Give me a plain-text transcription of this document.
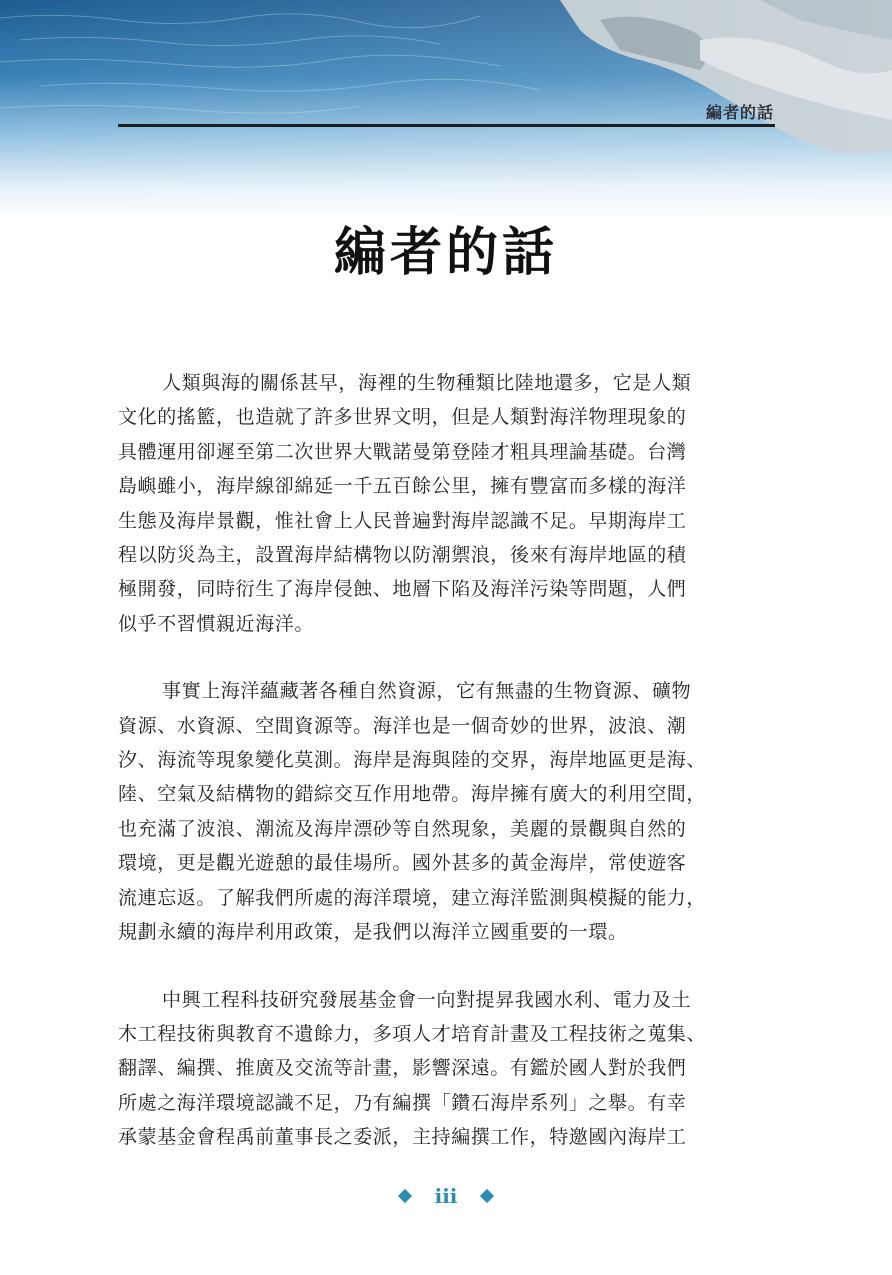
編者的話
編者的話

人類與海的關係甚早，海裡的生物種類比陸地還多，它是人類
文化的搖籃，也造就了許多世界文明，但是人類對海洋物理現象的
具體運用卻遲至第二次世界大戰諾曼第登陸才粗具理論基礎。台灣
島嶼雖小，海岸線卻綿延一千五百餘公里，擁有豐富而多樣的海洋
生態及海岸景觀，惟社會上人民普遍對海岸認識不足。早期海岸工
程以防災為主，設置海岸結構物以防潮禦浪，後來有海岸地區的積
極開發，同時衍生了海岸侵蝕、地層下陷及海洋污染等問題，人們
似乎不習慣親近海洋。

事實上海洋蘊藏著各種自然資源，它有無盡的生物資源、礦物
資源、水資源、空間資源等。海洋也是一個奇妙的世界，波浪、潮
汐、海流等現象變化莫測。海岸是海與陸的交界，海岸地區更是海、
陸、空氣及結構物的錯綜交互作用地帶。海岸擁有廣大的利用空間，
也充滿了波浪、潮流及海岸漂砂等自然現象，美麗的景觀與自然的
環境，更是觀光遊憩的最佳場所。國外甚多的黃金海岸，常使遊客
流連忘返。了解我們所處的海洋環境，建立海洋監測與模擬的能力，
規劃永續的海岸利用政策，是我們以海洋立國重要的一環。

中興工程科技研究發展基金會一向對提昇我國水利、電力及土
木工程技術與教育不遺餘力，多項人才培育計畫及工程技術之蒐集、
翻譯、編撰、推廣及交流等計畫，影響深遠。有鑑於國人對於我們
所處之海洋環境認識不足，乃有編撰「鑽石海岸系列」之舉。有幸
承蒙基金會程禹前董事長之委派，主持編撰工作，特邀國內海岸工

iii
